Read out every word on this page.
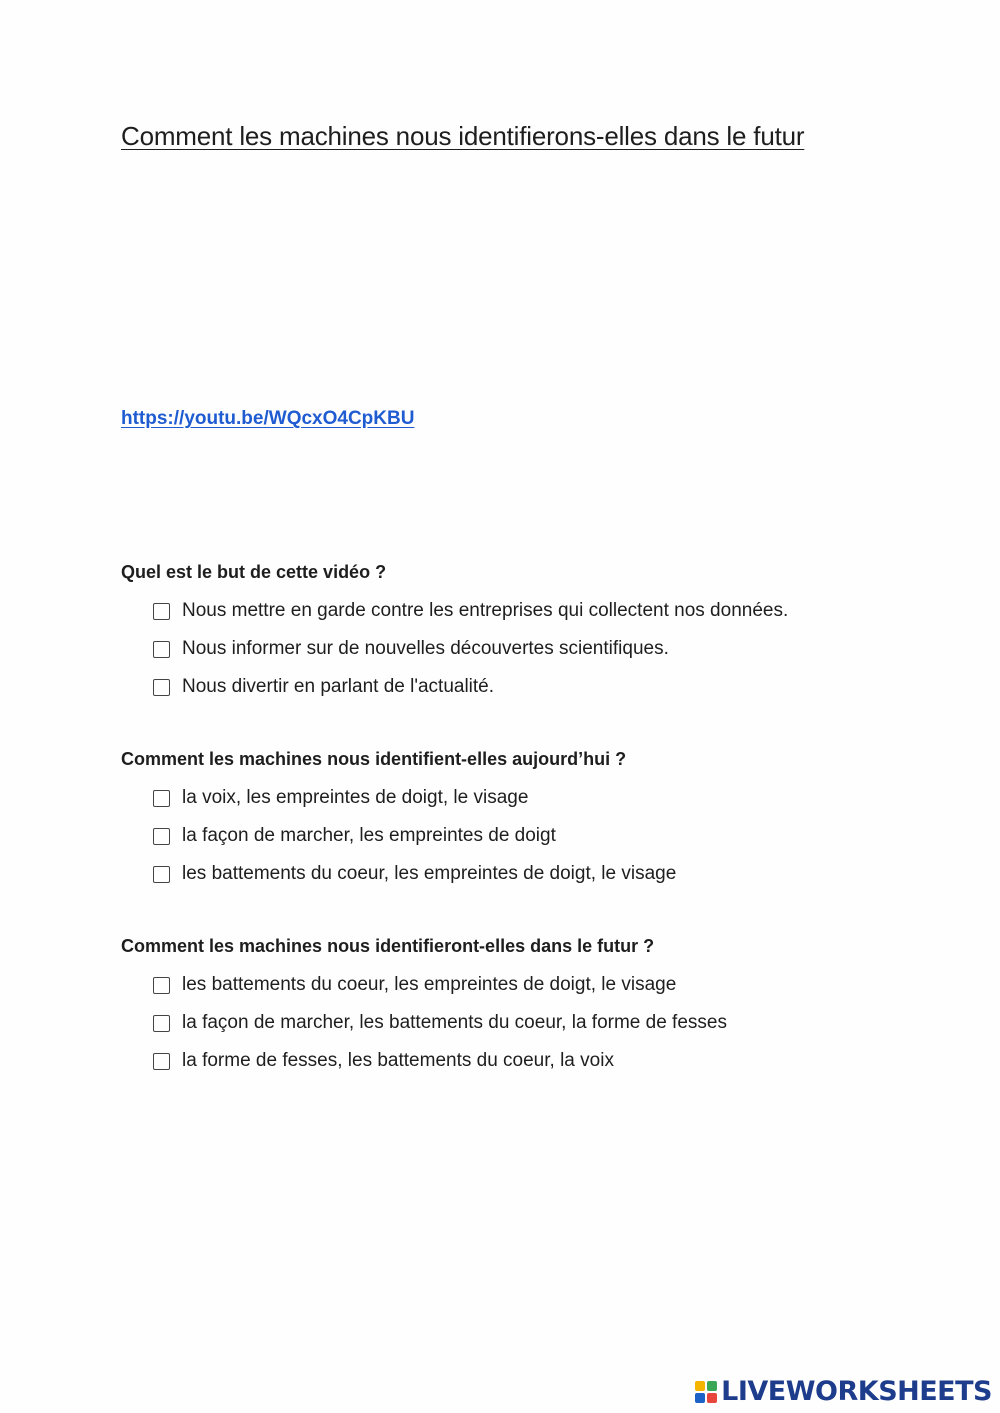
Comment les machines nous identifierons-elles dans le futur
https://youtu.be/WQcxO4CpKBU

Quel est le but de cette vidéo ?

Nous mettre en garde contre les entreprises qui collectent nos données.
Nous informer sur de nouvelles découvertes scientifiques.
Nous divertir en parlant de l'actualité.

Comment les machines nous identifient-elles aujourd’hui ?

la voix, les empreintes de doigt, le visage
la façon de marcher, les empreintes de doigt
les battements du coeur, les empreintes de doigt, le visage

Comment les machines nous identifieront-elles dans le futur ?

les battements du coeur, les empreintes de doigt, le visage
la façon de marcher, les battements du coeur, la forme de fesses
la forme de fesses, les battements du coeur, la voix
LIVEWORKSHEETS
